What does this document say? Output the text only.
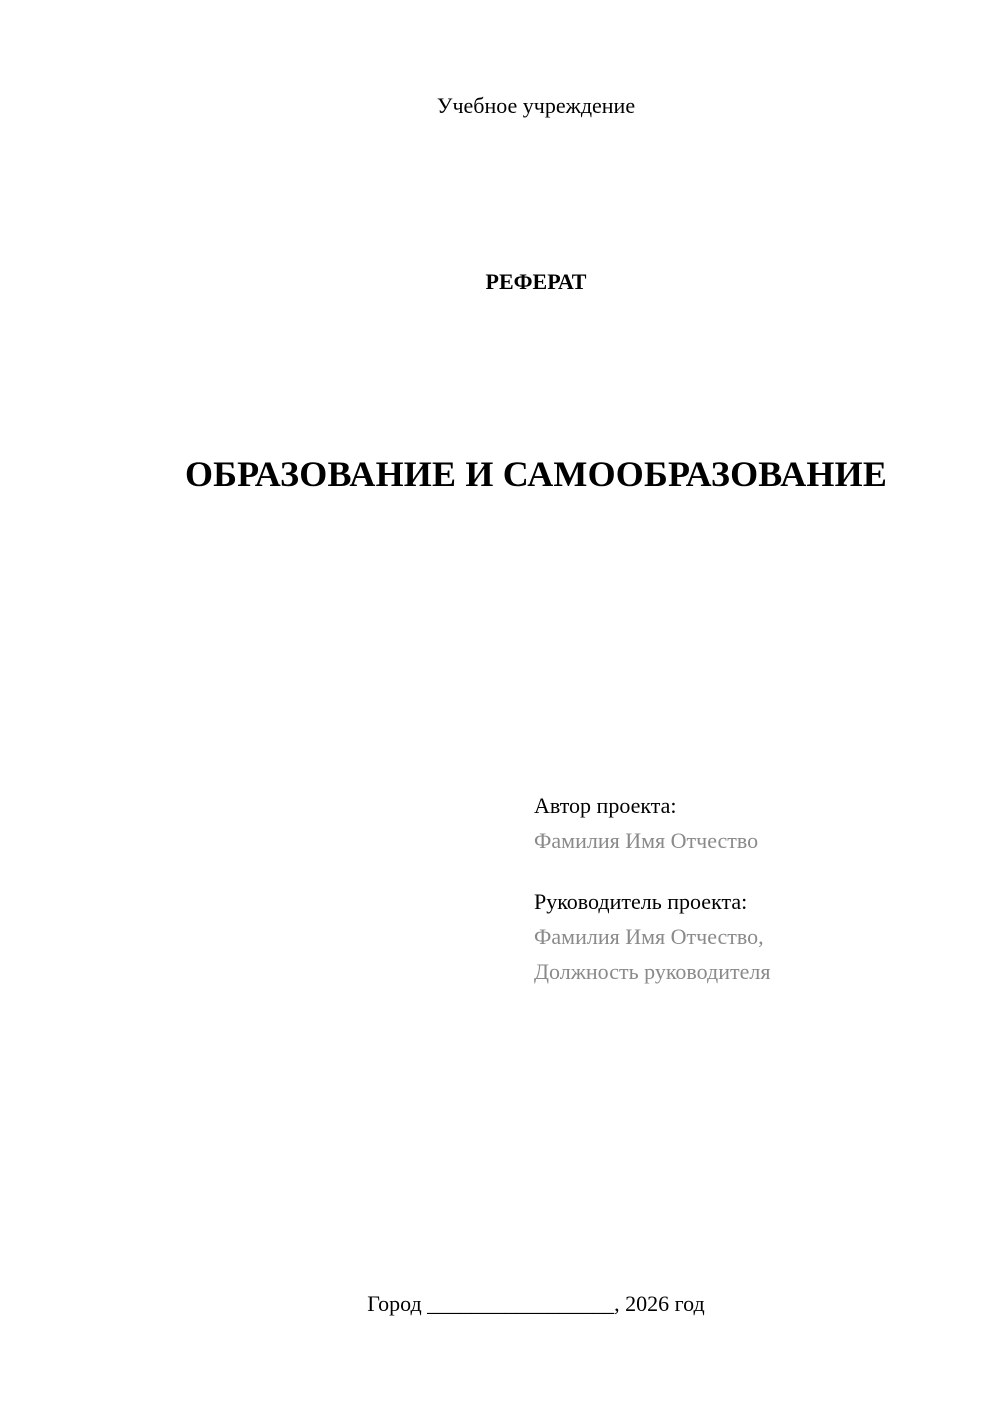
Учебное учреждение
РЕФЕРАТ
ОБРАЗОВАНИЕ И САМООБРАЗОВАНИЕ
Автор проекта:
Фамилия Имя Отчество
Руководитель проекта:
Фамилия Имя Отчество,
Должность руководителя
Город _________________, 2026 год
